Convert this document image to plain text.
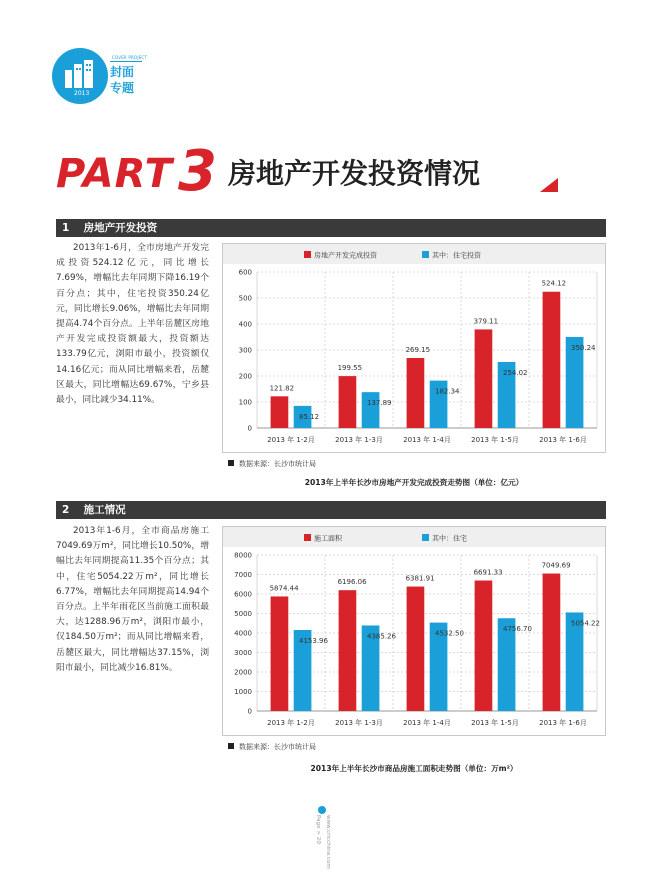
2013
COVER PROJECT
封面
专题
PART 3 房地产开发投资情况
1 房地产开发投资

2013年1-6月，全市房地产开发完成投资524.12亿元，同比增长7.69%，增幅比去年同期下降16.19个百分点；其中，住宅投资350.24亿元，同比增长9.06%，增幅比去年同期提高4.74个百分点。上半年岳麓区房地产开发完成投资额最大，投资额达133.79亿元，浏阳市最小，投资额仅14.16亿元；而从同比增幅来看，岳麓区最大，同比增幅达69.67%，宁乡县最小，同比减少34.11%。

房地产开发完成投资	其中：住宅投资
0
100
200
300
400
500
600
121.82
85.12
2013 年 1-2月
199.55
137.89
2013 年 1-3月
269.15
182.34
2013 年 1-4月
379.11
254.02
2013 年 1-5月
524.12
350.24
2013 年 1-6月
数据来源：长沙市统计局
2013年上半年长沙市房地产开发完成投资走势图（单位：亿元）
2 施工情况

2013年1-6月，全市商品房施工7049.69万m²，同比增长10.50%，增幅比去年同期提高11.35个百分点；其中，住宅5054.22万m²，同比增长6.77%，增幅比去年同期提高14.94个百分点。上半年雨花区当前施工面积最大，达1288.96万m²，浏阳市最小，仅184.50万m²；而从同比增幅来看，岳麓区最大，同比增幅达37.15%，浏阳市最小，同比减少16.81%。

施工面积	其中：住宅
0
1000
2000
3000
4000
5000
6000
7000
8000
5874.44
4153.96
2013 年 1-2月
6196.06
4385.26
2013 年 1-3月
6381.91
4532.50
2013 年 1-4月
6691.33
4756.70
2013 年 1-5月
7049.69
5054.22
2013 年 1-6月
数据来源：长沙市统计局
2013年上半年长沙市商品房施工面积走势图（单位：万m²）
Page > 20 www.cricchina.com
